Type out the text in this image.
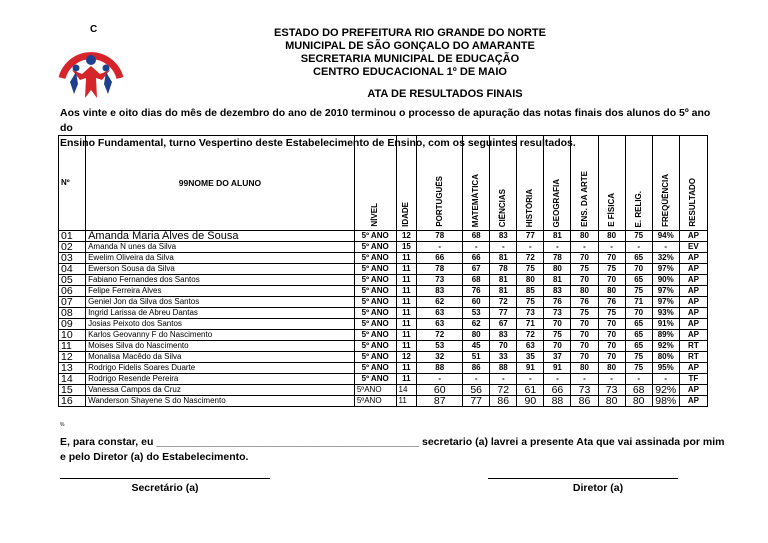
C	ESTADO DO PREFEITURA RIO GRANDE DO NORTE
MUNICIPAL DE SÃO GONÇALO DO AMARANTE
SECRETARIA MUNICIPAL DE EDUCAÇÃO
CENTRO EDUCACIONAL 1º DE MAIO
ATA DE RESULTADOS FINAIS
Aos vinte e oito dias do mês de dezembro do ano de 2010 terminou o processo de apuração das notas finais dos alunos do 5º ano do
Ensino Fundamental, turno Vespertino deste Estabelecimento de Ensino, com os seguintes resultados.
Nº	99NOME DO ALUNO	NÍVEL	IDADE	PORTUGUÊS	MATEMÁTICA	CIÊNCIAS	HISTÓRIA	GEOGRAFIA	ENS. DA ARTE	E FÍSICA	E. RELIG.	FREQÜÊNCIA	RESULTADO
01	Amanda Maria Alves de Sousa	5º ANO	12	78	68	83	77	81	80	80	75	94%	AP
02	Amanda N unes da Silva	5º ANO	15	-	-	-	-	-	-	-	-	-	EV
03	Ewelim Oliveira da Silva	5º ANO	11	66	66	81	72	78	70	70	65	32%	AP
04	Ewerson Sousa da Silva	5º ANO	11	78	67	78	75	80	75	75	70	97%	AP
05	Fabiano Fernandes dos Santos	5º ANO	11	73	68	81	80	81	70	70	65	90%	AP
06	Felipe Ferreira Alves	5º ANO	11	83	76	81	85	83	80	80	75	97%	AP
07	Geniel Jon da Silva dos Santos	5º ANO	11	62	60	72	75	76	76	76	71	97%	AP
08	Ingrid Larissa de Abreu Dantas	5º ANO	11	63	53	77	73	73	75	75	70	93%	AP
09	Josias Peixoto dos Santos	5º ANO	11	63	62	67	71	70	70	70	65	91%	AP
10	Karlos Geovanny F do Nascimento	5º ANO	11	72	80	83	72	75	70	70	65	89%	AP
11	Moises Silva do Nascimento	5º ANO	11	53	45	70	63	70	70	70	65	92%	RT
12	Monalisa Macêdo da Silva	5º ANO	12	32	51	33	35	37	70	70	75	80%	RT
13	Rodrigo Fidelis Soares Duarte	5º ANO	11	88	86	88	91	91	80	80	75	95%	AP
14	Rodrigo Resende Pereira	5º ANO	11	-	-	-	-	-	-	-	-	-	TF
15	Vanessa Campos da Cruz	5ºANO	14	60	56	72	61	66	73	73	68	92%	AP
16	Wanderson Shayene S do Nascimento	5ºANO	11	87	77	86	90	88	86	80	80	98%	AP
%
E, para constar, eu _____________________________________________ secretario (a) lavrei a presente Ata que vai assinada por mim
e pelo Diretor (a) do Estabelecimento.
Secretário (a)	Diretor (a)
